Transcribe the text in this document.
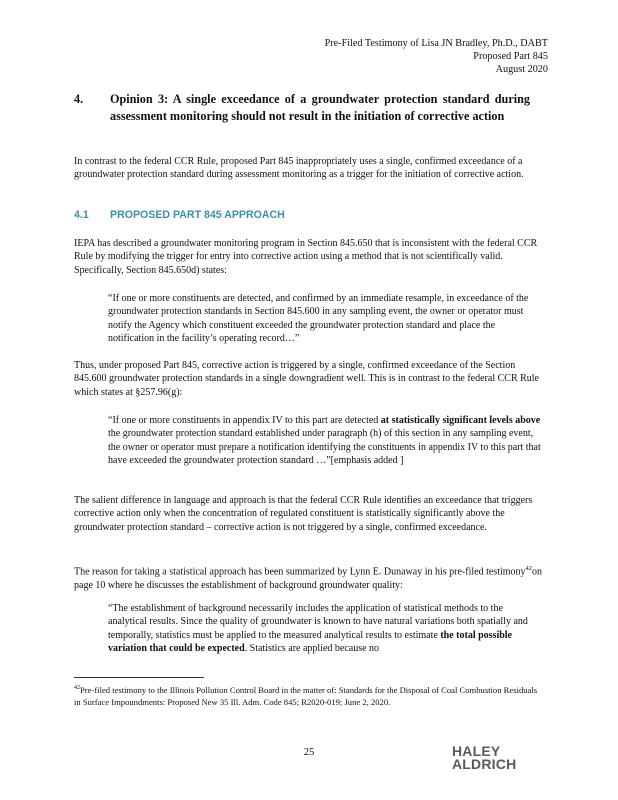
Pre-Filed Testimony of Lisa JN Bradley, Ph.D., DABT
Proposed Part 845
August 2020
4. Opinion 3: A single exceedance of a groundwater protection standard during assessment monitoring should not result in the initiation of corrective action
In contrast to the federal CCR Rule, proposed Part 845 inappropriately uses a single, confirmed exceedance of a groundwater protection standard during assessment monitoring as a trigger for the initiation of corrective action.
4.1 PROPOSED PART 845 APPROACH
IEPA has described a groundwater monitoring program in Section 845.650 that is inconsistent with the federal CCR Rule by modifying the trigger for entry into corrective action using a method that is not scientifically valid. Specifically, Section 845.650d) states:
“If one or more constituents are detected, and confirmed by an immediate resample, in exceedance of the groundwater protection standards in Section 845.600 in any sampling event, the owner or operator must notify the Agency which constituent exceeded the groundwater protection standard and place the notification in the facility’s operating record…”
Thus, under proposed Part 845, corrective action is triggered by a single, confirmed exceedance of the Section 845.600 groundwater protection standards in a single downgradient well. This is in contrast to the federal CCR Rule which states at §257.96(g):
“If one or more constituents in appendix IV to this part are detected at statistically significant levels above the groundwater protection standard established under paragraph (h) of this section in any sampling event, the owner or operator must prepare a notification identifying the constituents in appendix IV to this part that have exceeded the groundwater protection standard …”[emphasis added ]
The salient difference in language and approach is that the federal CCR Rule identifies an exceedance that triggers corrective action only when the concentration of regulated constituent is statistically significantly above the groundwater protection standard – corrective action is not triggered by a single, confirmed exceedance.
The reason for taking a statistical approach has been summarized by Lynn E. Dunaway in his pre-filed testimony$^{42}$on page 10 where he discusses the establishment of background groundwater quality:
“The establishment of background necessarily includes the application of statistical methods to the analytical results. Since the quality of groundwater is known to have natural variations both spatially and temporally, statistics must be applied to the measured analytical results to estimate the total possible variation that could be expected. Statistics are applied because no
$^{42}$Pre-filed testimony to the Illinois Pollution Control Board in the matter of: Standards for the Disposal of Coal Combustion Residuals in Surface Impoundments: Proposed New 35 Ill. Adm. Code 845; R2020-019; June 2, 2020.
25	HALEY
ALDRICH
